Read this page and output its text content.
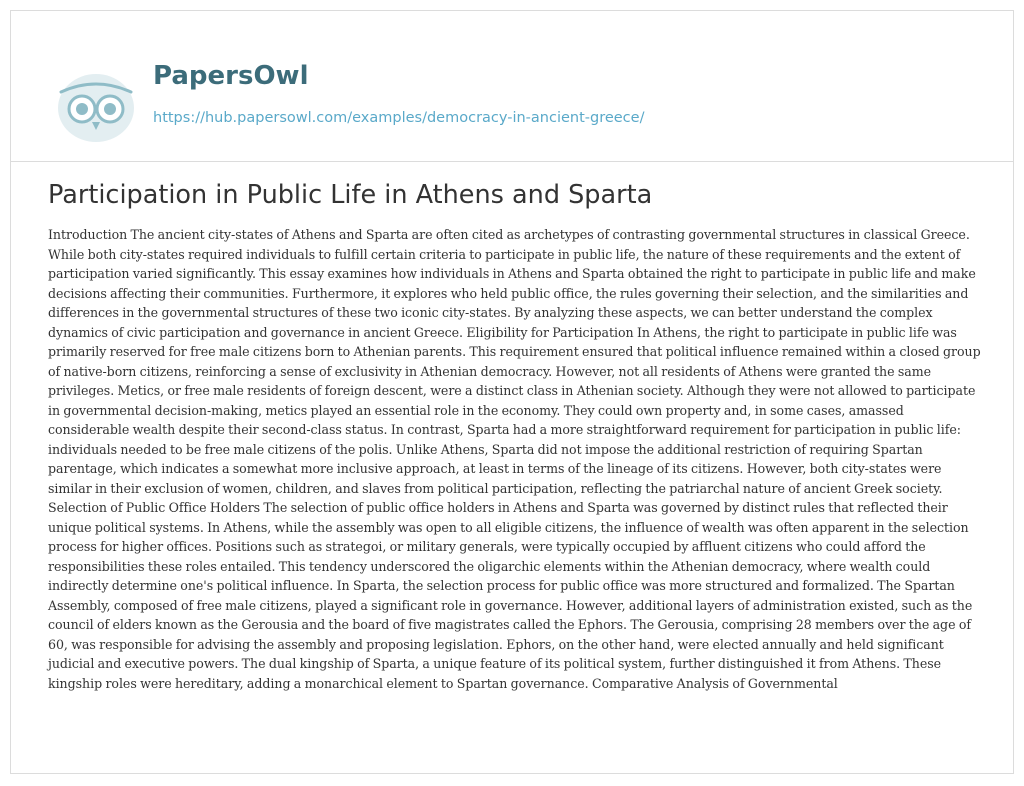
PapersOwl
https://hub.papersowl.com/examples/democracy-in-ancient-greece/
Participation in Public Life in Athens and Sparta

Introduction The ancient city-states of Athens and Sparta are often cited as archetypes of contrasting governmental structures in classical Greece. While both city-states required individuals to fulfill certain criteria to participate in public life, the nature of these requirements and the extent of participation varied significantly. This essay examines how individuals in Athens and Sparta obtained the right to participate in public life and make decisions affecting their communities. Furthermore, it explores who held public office, the rules governing their selection, and the similarities and differences in the governmental structures of these two iconic city-states. By analyzing these aspects, we can better understand the complex dynamics of civic participation and governance in ancient Greece. Eligibility for Participation In Athens, the right to participate in public life was primarily reserved for free male citizens born to Athenian parents. This requirement ensured that political influence remained within a closed group of native-born citizens, reinforcing a sense of exclusivity in Athenian democracy. However, not all residents of Athens were granted the same privileges. Metics, or free male residents of foreign descent, were a distinct class in Athenian society. Although they were not allowed to participate in governmental decision-making, metics played an essential role in the economy. They could own property and, in some cases, amassed considerable wealth despite their second-class status. In contrast, Sparta had a more straightforward requirement for participation in public life: individuals needed to be free male citizens of the polis. Unlike Athens, Sparta did not impose the additional restriction of requiring Spartan parentage, which indicates a somewhat more inclusive approach, at least in terms of the lineage of its citizens. However, both city-states were similar in their exclusion of women, children, and slaves from political participation, reflecting the patriarchal nature of ancient Greek society. Selection of Public Office Holders The selection of public office holders in Athens and Sparta was governed by distinct rules that reflected their unique political systems. In Athens, while the assembly was open to all eligible citizens, the influence of wealth was often apparent in the selection process for higher offices. Positions such as strategoi, or military generals, were typically occupied by affluent citizens who could afford the responsibilities these roles entailed. This tendency underscored the oligarchic elements within the Athenian democracy, where wealth could indirectly determine one's political influence. In Sparta, the selection process for public office was more structured and formalized. The Spartan Assembly, composed of free male citizens, played a significant role in governance. However, additional layers of administration existed, such as the council of elders known as the Gerousia and the board of five magistrates called the Ephors. The Gerousia, comprising 28 members over the age of 60, was responsible for advising the assembly and proposing legislation. Ephors, on the other hand, were elected annually and held significant judicial and executive powers. The dual kingship of Sparta, a unique feature of its political system, further distinguished it from Athens. These kingship roles were hereditary, adding a monarchical element to Spartan governance. Comparative Analysis of Governmental
